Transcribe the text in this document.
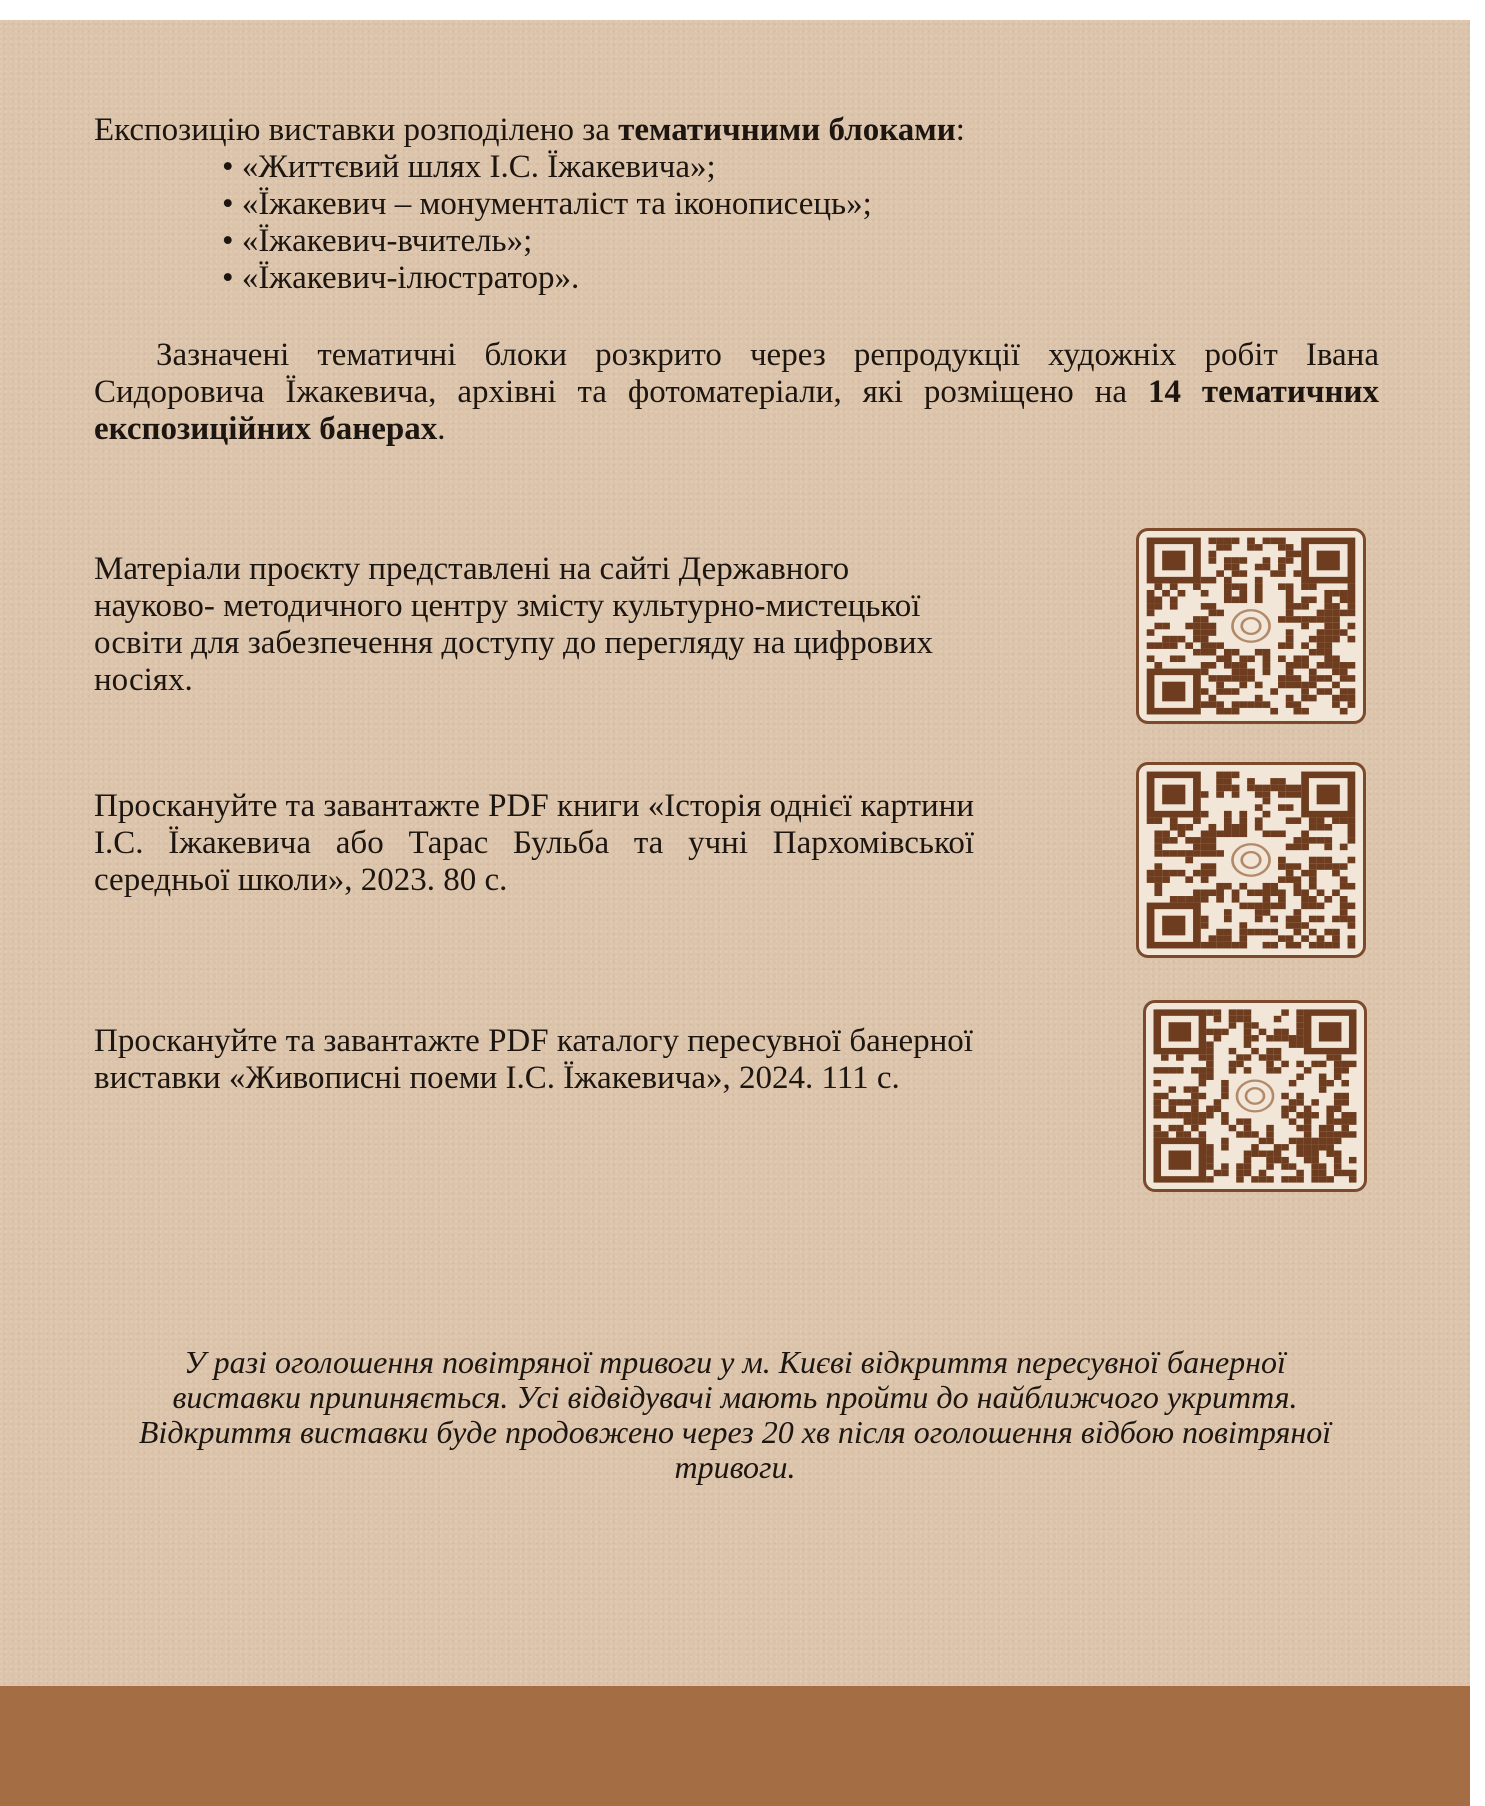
Експозицію виставки розподілено за тематичними блоками:
• «Життєвий шлях І.С. Їжакевича»;
• «Їжакевич – монументаліст та іконописець»;
• «Їжакевич-вчитель»;
• «Їжакевич-ілюстратор».
Зазначені тематичні блоки розкрито через репродукції художніх робіт Івана Сидоровича Їжакевича, архівні та фотоматеріали, які розміщено на 14 тематичних експозиційних банерах.
Матеріали проєкту представлені на сайті Державного науково- методичного центру змісту культурно-мистецької освіти для забезпечення доступу до перегляду на цифрових носіях.
Проскануйте та завантажте PDF книги «Історія однієї картини І.С. Їжакевича або Тарас Бульба та учні Пархомівської середньої школи», 2023. 80 с.
Проскануйте та завантажте PDF каталогу пересувної банерної виставки «Живописні поеми І.С. Їжакевича», 2024. 111 с.

У разі оголошення повітряної тривоги у м. Києві відкриття пересувної банерної виставки припиняється. Усі відвідувачі мають пройти до найближчого укриття.

Відкриття виставки буде продовжено через 20 хв після оголошення відбою повітряної тривоги.
